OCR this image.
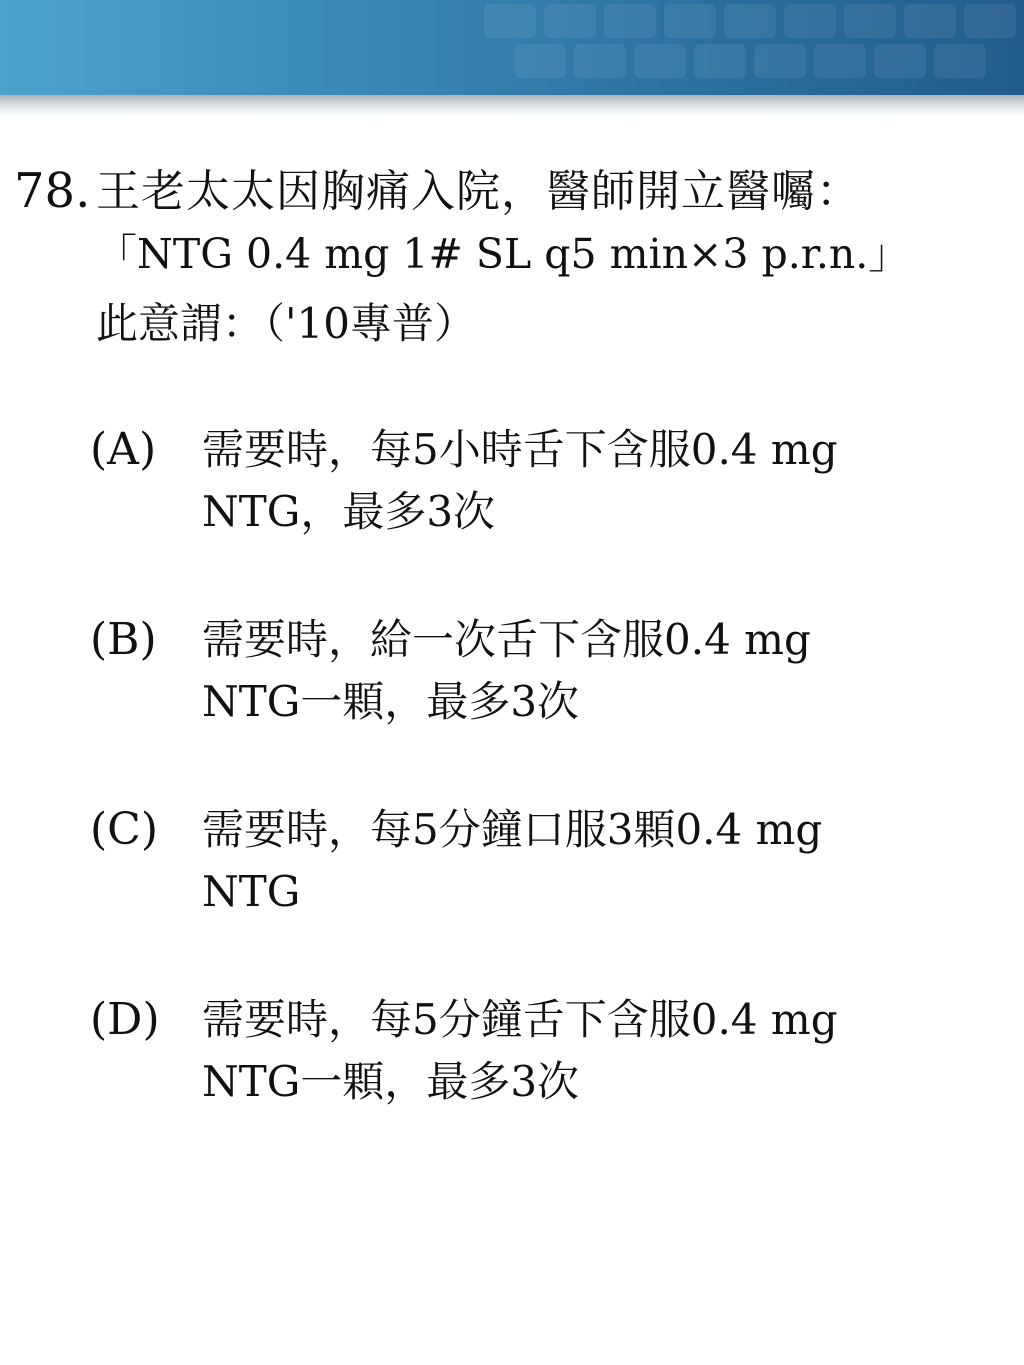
78. 王老太太因胸痛入院，醫師開立醫囑：
「NTG 0.4 mg 1# SL q5 min×3 p.r.n.」
此意謂：（'10專普）
(A) 需要時，每5小時舌下含服0.4 mg
NTG，最多3次
(B) 需要時，給一次舌下含服0.4 mg
NTG一顆，最多3次
(C) 需要時，每5分鐘口服3顆0.4 mg
NTG
(D) 需要時，每5分鐘舌下含服0.4 mg
NTG一顆，最多3次
